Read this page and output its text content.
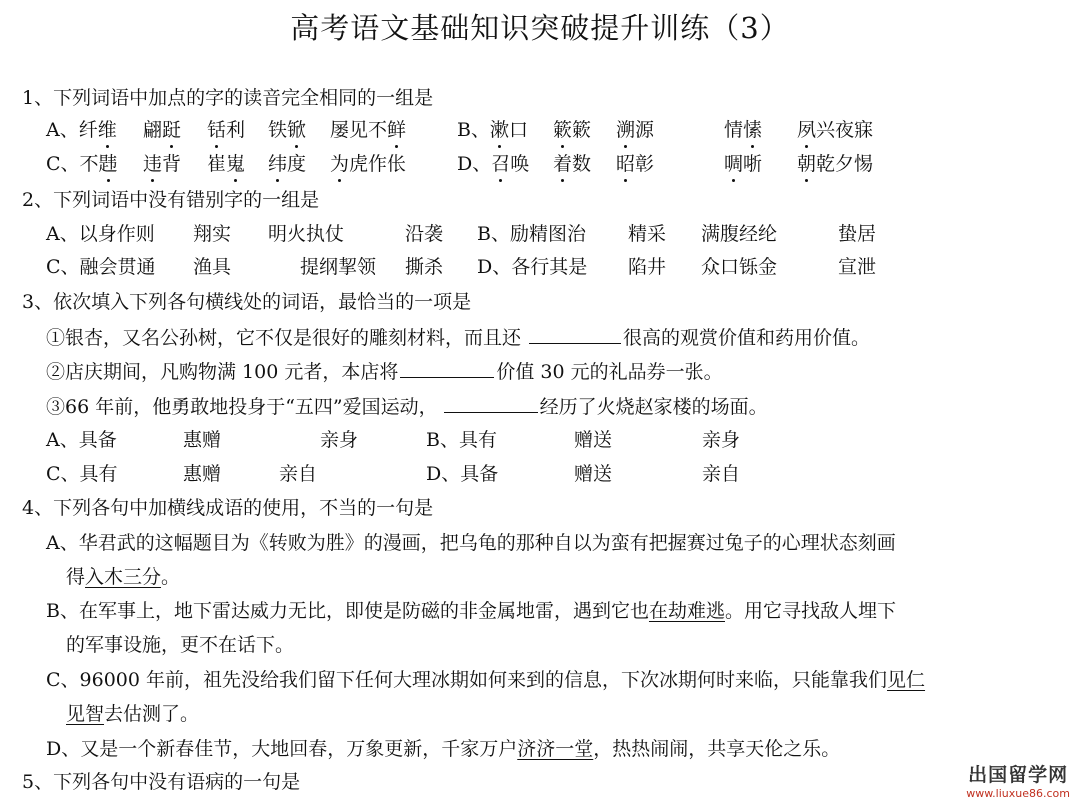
高考语文基础知识突破提升训练（3）
1、下列词语中加点的字的读音完全相同的一组是
A、纤维 翩跹 铦利 铁锨 屡见不鲜	B、漱口 簌簌 溯源	情愫 夙兴夜寐
C、不韪 违背 崔嵬 纬度 为虎作伥	D、召唤 着数 昭彰	啁哳 朝乾夕惕
2、下列词语中没有错别字的一组是
A、以身作则 翔实 明火执仗	沿袭 B、励精图治 精采 满腹经纶	蛰居
C、融会贯通 渔具	提纲挈领 撕杀 D、各行其是 陷井 众口铄金	宣泄
3、依次填入下列各句横线处的词语，最恰当的一项是
①银杏，又名公孙树，它不仅是很好的雕刻材料，而且还	很高的观赏价值和药用价值。
②店庆期间，凡购物满 100 元者，本店将	价值 30 元的礼品券一张。
③66 年前，他勇敢地投身于“五四”爱国运动，	经历了火烧赵家楼的场面。
A、具备	惠赠	亲身	B、具有	赠送	亲身
C、具有	惠赠	亲自	D、具备	赠送	亲自
4、下列各句中加横线成语的使用，不当的一句是
A、华君武的这幅题目为《转败为胜》的漫画，把乌龟的那种自以为蛮有把握赛过兔子的心理状态刻画
得入木三分。
B、在军事上，地下雷达威力无比，即使是防磁的非金属地雷，遇到它也在劫难逃。用它寻找敌人埋下
的军事设施，更不在话下。
C、96000 年前，祖先没给我们留下任何大理冰期如何来到的信息，下次冰期何时来临，只能靠我们见仁
见智去估测了。
D、又是一个新春佳节，大地回春，万象更新，千家万户济济一堂，热热闹闹，共享天伦之乐。
5、下列各句中没有语病的一句是	出国留学网
www.liuxue86.com
